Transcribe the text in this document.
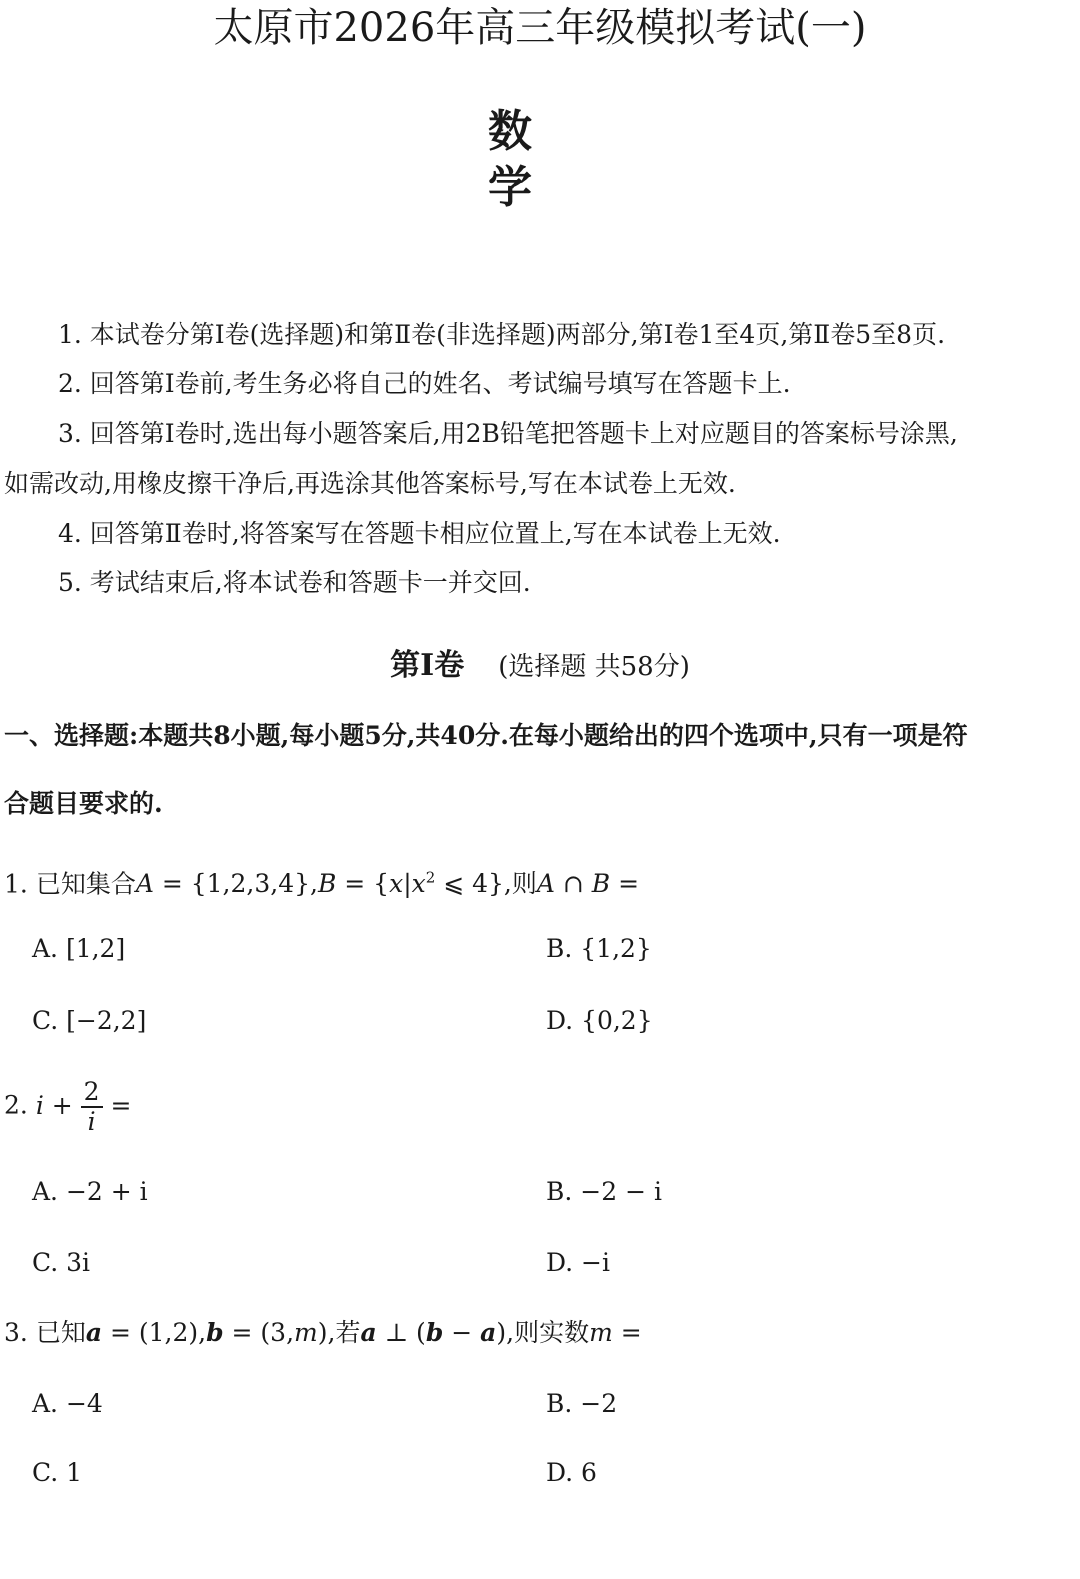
太原市2026年高三年级模拟考试(一)
数 学
1. 本试卷分第Ⅰ卷(选择题)和第Ⅱ卷(非选择题)两部分,第Ⅰ卷1至4页,第Ⅱ卷5至8页.
2. 回答第Ⅰ卷前,考生务必将自己的姓名、考试编号填写在答题卡上.
3. 回答第Ⅰ卷时,选出每小题答案后,用2B铅笔把答题卡上对应题目的答案标号涂黑,
如需改动,用橡皮擦干净后,再选涂其他答案标号,写在本试卷上无效.
4. 回答第Ⅱ卷时,将答案写在答题卡相应位置上,写在本试卷上无效.
5. 考试结束后,将本试卷和答题卡一并交回.
第Ⅰ卷 (选择题 共58分)
一、选择题:本题共8小题,每小题5分,共40分.在每小题给出的四个选项中,只有一项是符
合题目要求的.
1. 已知集合$A = \{1,2,3,4\},B = \{x|x^2$ ⩽ 4},则A ∩ B =
A. [1,2]	B. {1,2}
C. [−2,2]	D. {0,2}
2. $i + \frac{2}{i}$ =
A. −2 + i	B. −2 − i
C. 3i	D. −i
3. 已知a = (1,2),b = (3,m),若a ⊥ (b − a),则实数m =
A. −4	B. −2
C. 1	D. 6
